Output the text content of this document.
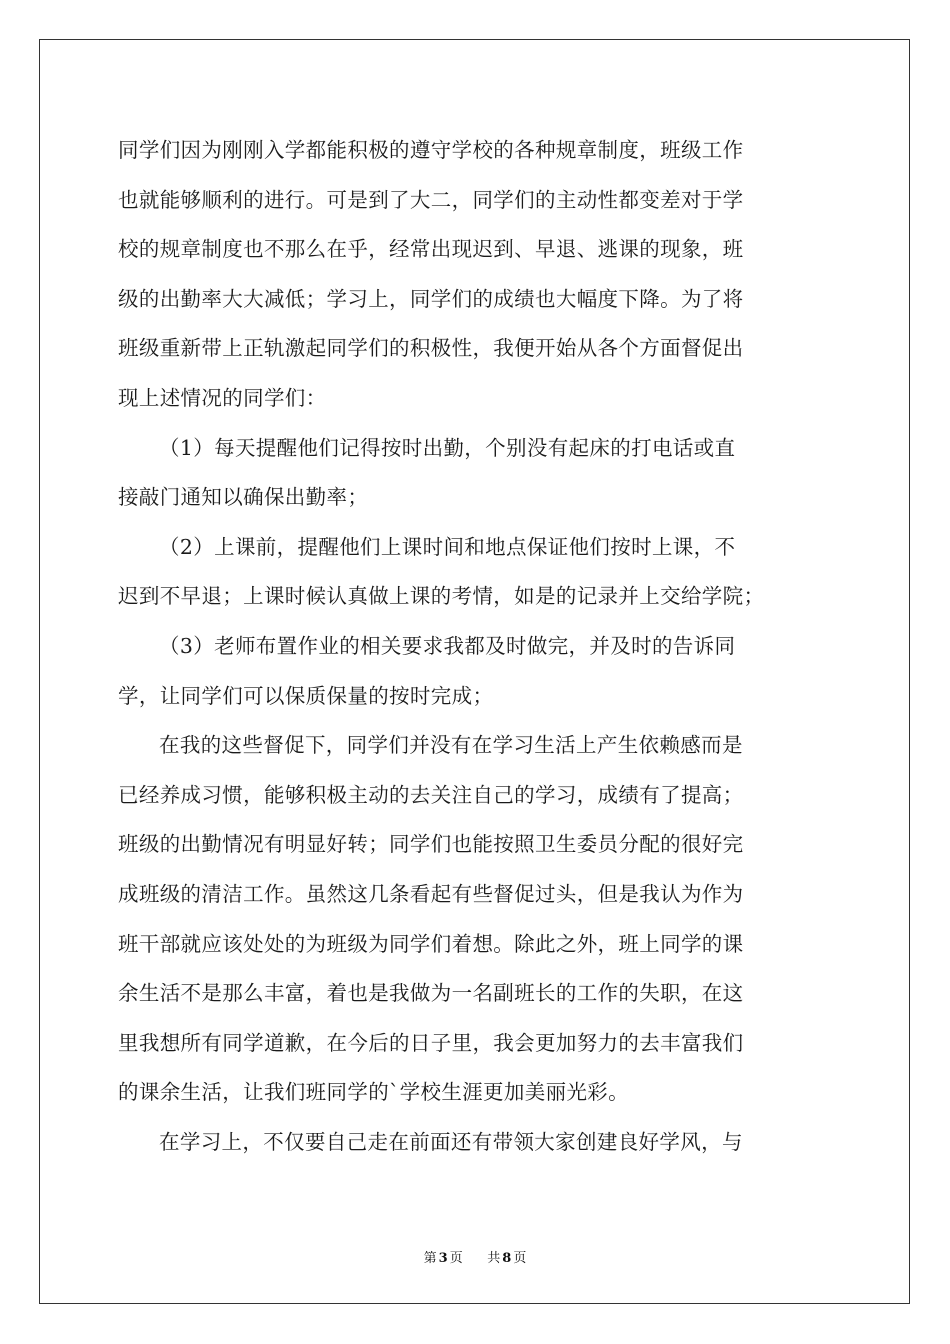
同学们因为刚刚入学都能积极的遵守学校的各种规章制度，班级工作
也就能够顺利的进行。可是到了大二，同学们的主动性都变差对于学
校的规章制度也不那么在乎，经常出现迟到、早退、逃课的现象，班
级的出勤率大大减低；学习上，同学们的成绩也大幅度下降。为了将
班级重新带上正轨激起同学们的积极性，我便开始从各个方面督促出
现上述情况的同学们：
（1）每天提醒他们记得按时出勤，个别没有起床的打电话或直
接敲门通知以确保出勤率；
（2）上课前，提醒他们上课时间和地点保证他们按时上课，不
迟到不早退；上课时候认真做上课的考情，如是的记录并上交给学院；
（3）老师布置作业的相关要求我都及时做完，并及时的告诉同
学，让同学们可以保质保量的按时完成；
在我的这些督促下，同学们并没有在学习生活上产生依赖感而是
已经养成习惯，能够积极主动的去关注自己的学习，成绩有了提高；
班级的出勤情况有明显好转；同学们也能按照卫生委员分配的很好完
成班级的清洁工作。虽然这几条看起有些督促过头，但是我认为作为
班干部就应该处处的为班级为同学们着想。除此之外，班上同学的课
余生活不是那么丰富，着也是我做为一名副班长的工作的失职，在这
里我想所有同学道歉，在今后的日子里，我会更加努力的去丰富我们
的课余生活，让我们班同学的`学校生涯更加美丽光彩。
在学习上，不仅要自己走在前面还有带领大家创建良好学风，与
第 3 页 共 8 页
